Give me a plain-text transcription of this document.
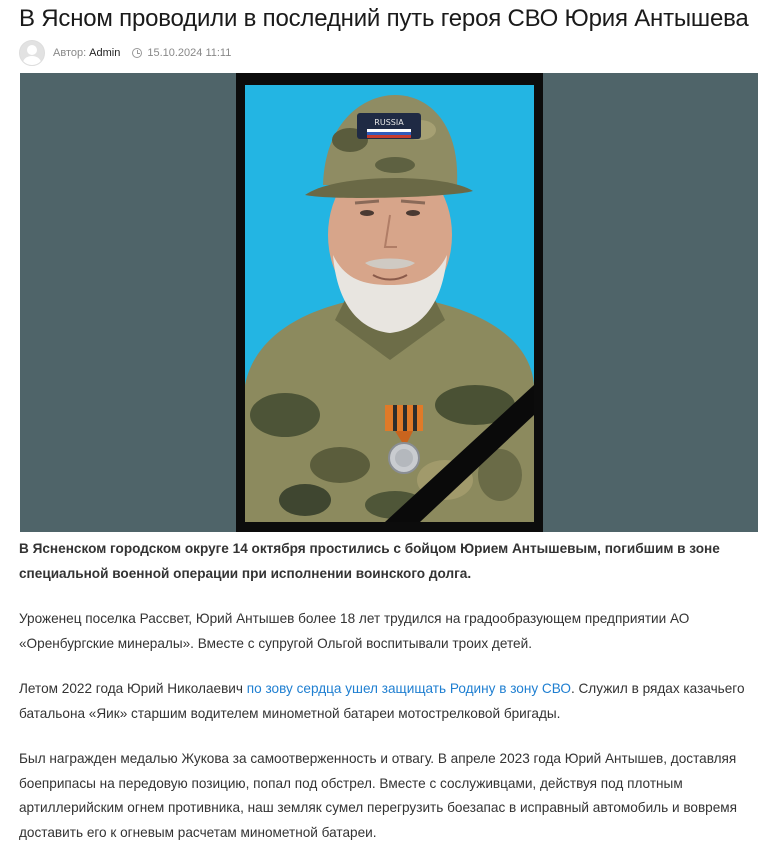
В Ясном проводили в последний путь героя СВО Юрия Антышева
Автор: Admin 15.10.2024 11:11
RUSSIA

В Ясненском городском округе 14 октября простились с бойцом Юрием Антышевым, погибшим в зоне специальной военной операции при исполнении воинского долга.

Уроженец поселка Рассвет, Юрий Антышев более 18 лет трудился на градообразующем предприятии АО «Оренбургские минералы». Вместе с супругой Ольгой воспитывали троих детей.

Летом 2022 года Юрий Николаевич по зову сердца ушел защищать Родину в зону СВО. Служил в рядах казачьего батальона «Яик» старшим водителем минометной батареи мотострелковой бригады.

Был награжден медалью Жукова за самоотверженность и отвагу. В апреле 2023 года Юрий Антышев, доставляя боеприпасы на передовую позицию, попал под обстрел. Вместе с сослуживцами, действуя под плотным артиллерийским огнем противника, наш земляк сумел перегрузить боезапас в исправный автомобиль и вовремя доставить его к огневым расчетам минометной батареи.
